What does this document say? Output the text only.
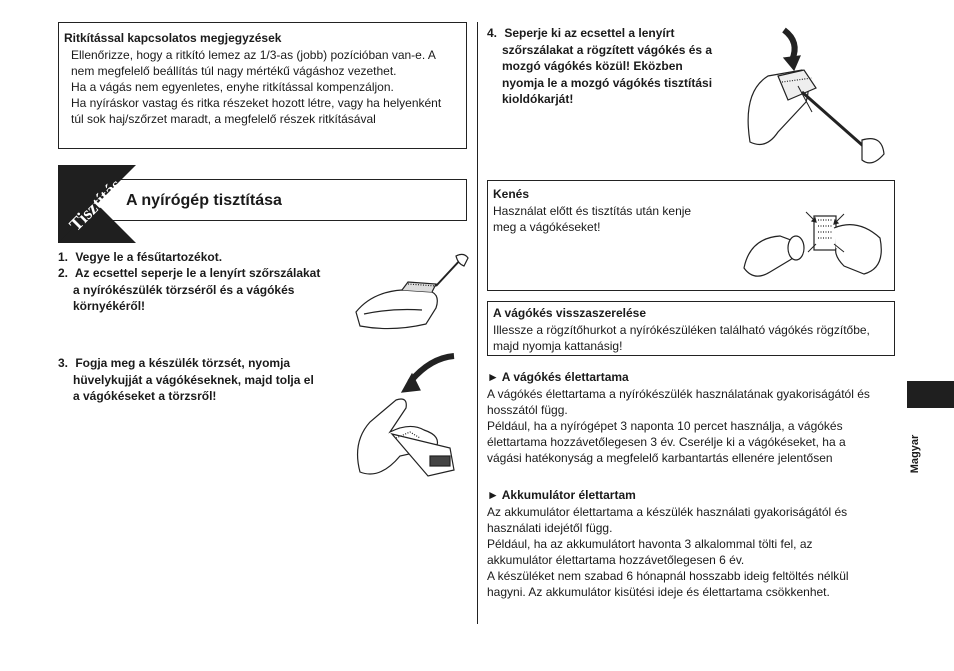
Ritkítással kapcsolatos megjegyzések
Ellenőrizze, hogy a ritkító lemez az 1/3-as (jobb) pozícióban van-e. A
nem megfelelő beállítás túl nagy mértékű vágáshoz vezethet.
Ha a vágás nem egyenletes, enyhe ritkítással kompenzáljon.
Ha nyíráskor vastag és ritka részeket hozott létre, vagy ha helyenként
túl sok haj/szőrzet maradt, a megfelelő részek ritkításával
Tisztítás A nyírógép tisztítása
1. Vegye le a fésűtartozékot.
2. Az ecsettel seperje le a lenyírt szőrszálakat
a nyírókészülék törzséről és a vágókés
környékéről!
3. Fogja meg a készülék törzsét, nyomja
hüvelykujját a vágókéseknek, majd tolja el
a vágókéseket a törzsről!
4. Seperje ki az ecsettel a lenyírt
szőrszálakat a rögzített vágókés és a
mozgó vágókés közül! Eközben
nyomja le a mozgó vágókés tisztítási
kioldókarját!
Kenés
Használat előtt és tisztítás után kenje
meg a vágókéseket!
A vágókés visszaszerelése
Illessze a rögzítőhurkot a nyírókészüléken található vágókés rögzítőbe,
majd nyomja kattanásig!
► A vágókés élettartama
A vágókés élettartama a nyírókészülék használatának gyakoriságától és
hosszától függ.
Például, ha a nyírógépet 3 naponta 10 percet használja, a vágókés
élettartama hozzávetőlegesen 3 év. Cserélje ki a vágókéseket, ha a
vágási hatékonyság a megfelelő karbantartás ellenére jelentősen
► Akkumulátor élettartam
Az akkumulátor élettartama a készülék használati gyakoriságától és
használati idejétől függ.
Például, ha az akkumulátort havonta 3 alkalommal tölti fel, az
akkumulátor élettartama hozzávetőlegesen 6 év.
A készüléket nem szabad 6 hónapnál hosszabb ideig feltöltés nélkül
hagyni. Az akkumulátor kisütési ideje és élettartama csökkenhet.
Magyar
